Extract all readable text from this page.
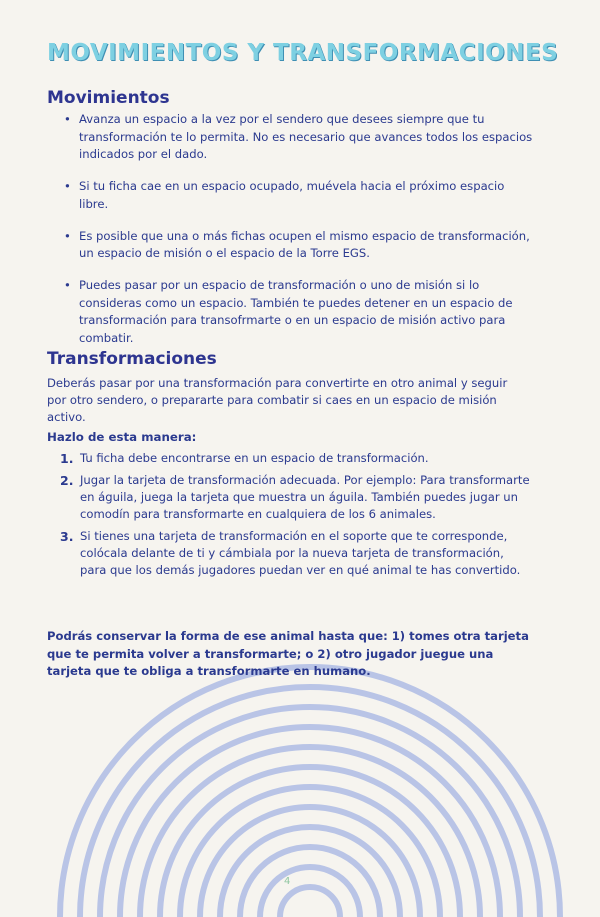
MOVIMIENTOS Y TRANSFORMACIONES
Movimientos
• Avanza un espacio a la vez por el sendero que desees siempre que tu transformación te lo permita. No es necesario que avances todos los espacios indicados por el dado.
• Si tu ficha cae en un espacio ocupado, muévela hacia el próximo espacio libre.
• Es posible que una o más fichas ocupen el mismo espacio de transformación, un espacio de misión o el espacio de la Torre EGS.
• Puedes pasar por un espacio de transformación o uno de misión si lo consideras como un espacio. También te puedes detener en un espacio de transformación para transofrmarte o en un espacio de misión activo para combatir.
Transformaciones

Deberás pasar por una transformación para convertirte en otro animal y seguir por otro sendero, o prepararte para combatir si caes en un espacio de misión activo.

Hazlo de esta manera:

1. Tu ficha debe encontrarse en un espacio de transformación.
2. Jugar la tarjeta de transformación adecuada. Por ejemplo: Para transformarte en águila, juega la tarjeta que muestra un águila. También puedes jugar un comodín para transformarte en cualquiera de los 6 animales.
3. Si tienes una tarjeta de transformación en el soporte que te corresponde, colócala delante de ti y cámbiala por la nueva tarjeta de transformación, para que los demás jugadores puedan ver en qué animal te has convertido.

Podrás conservar la forma de ese animal hasta que: 1) tomes otra tarjeta que te permita volver a transformarte; o 2) otro jugador juegue una tarjeta que te obliga a transformarte en humano.

4
